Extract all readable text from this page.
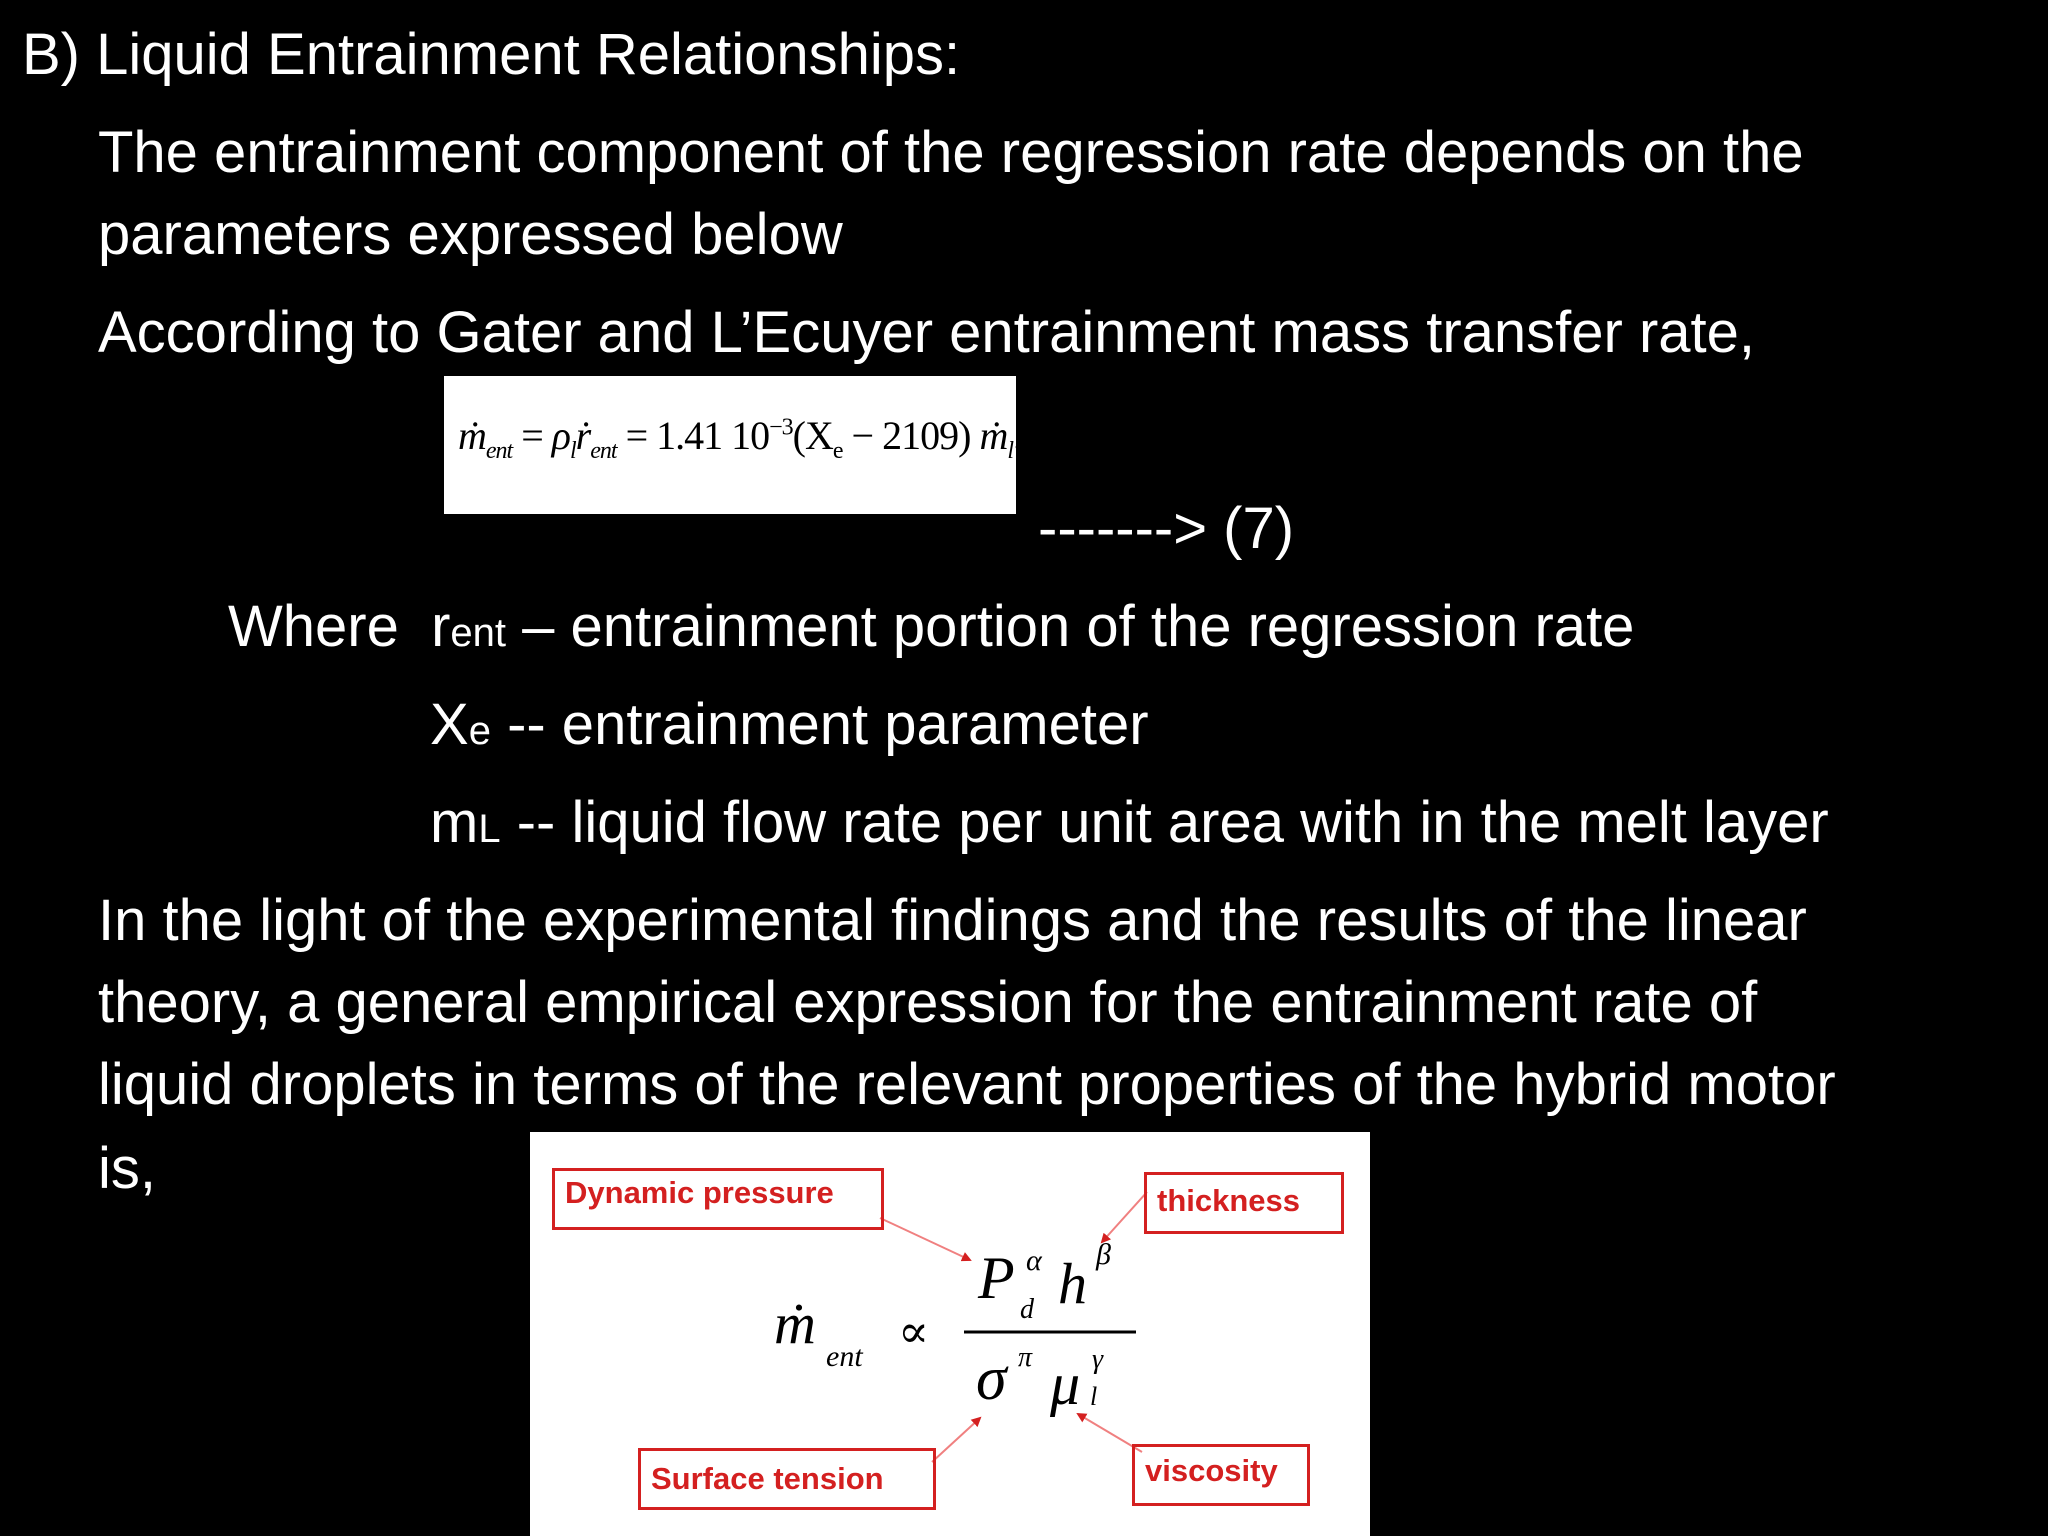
B) Liquid Entrainment Relationships:
The entrainment component of the regression rate depends on the
parameters expressed below
According to Gater and L’Ecuyer entrainment mass transfer rate,
$m_{ent} = \rho_lr_{ent} = 1.41$ $10^{-3}(X_e - 2109)$ $m_l$.
-------> (7)
Where rent – entrainment portion of the regression rate
Xe -- entrainment parameter
mL -- liquid flow rate per unit area with in the melt layer
In the light of the experimental findings and the results of the linear
theory, a general empirical expression for the entrainment rate of
liquid droplets in terms of the relevant properties of the hybrid motor
is,	Dynamic pressure	thickness
Surface tension	viscosity
m
ent ∝
P α
d h β
σ π μ γ
l
